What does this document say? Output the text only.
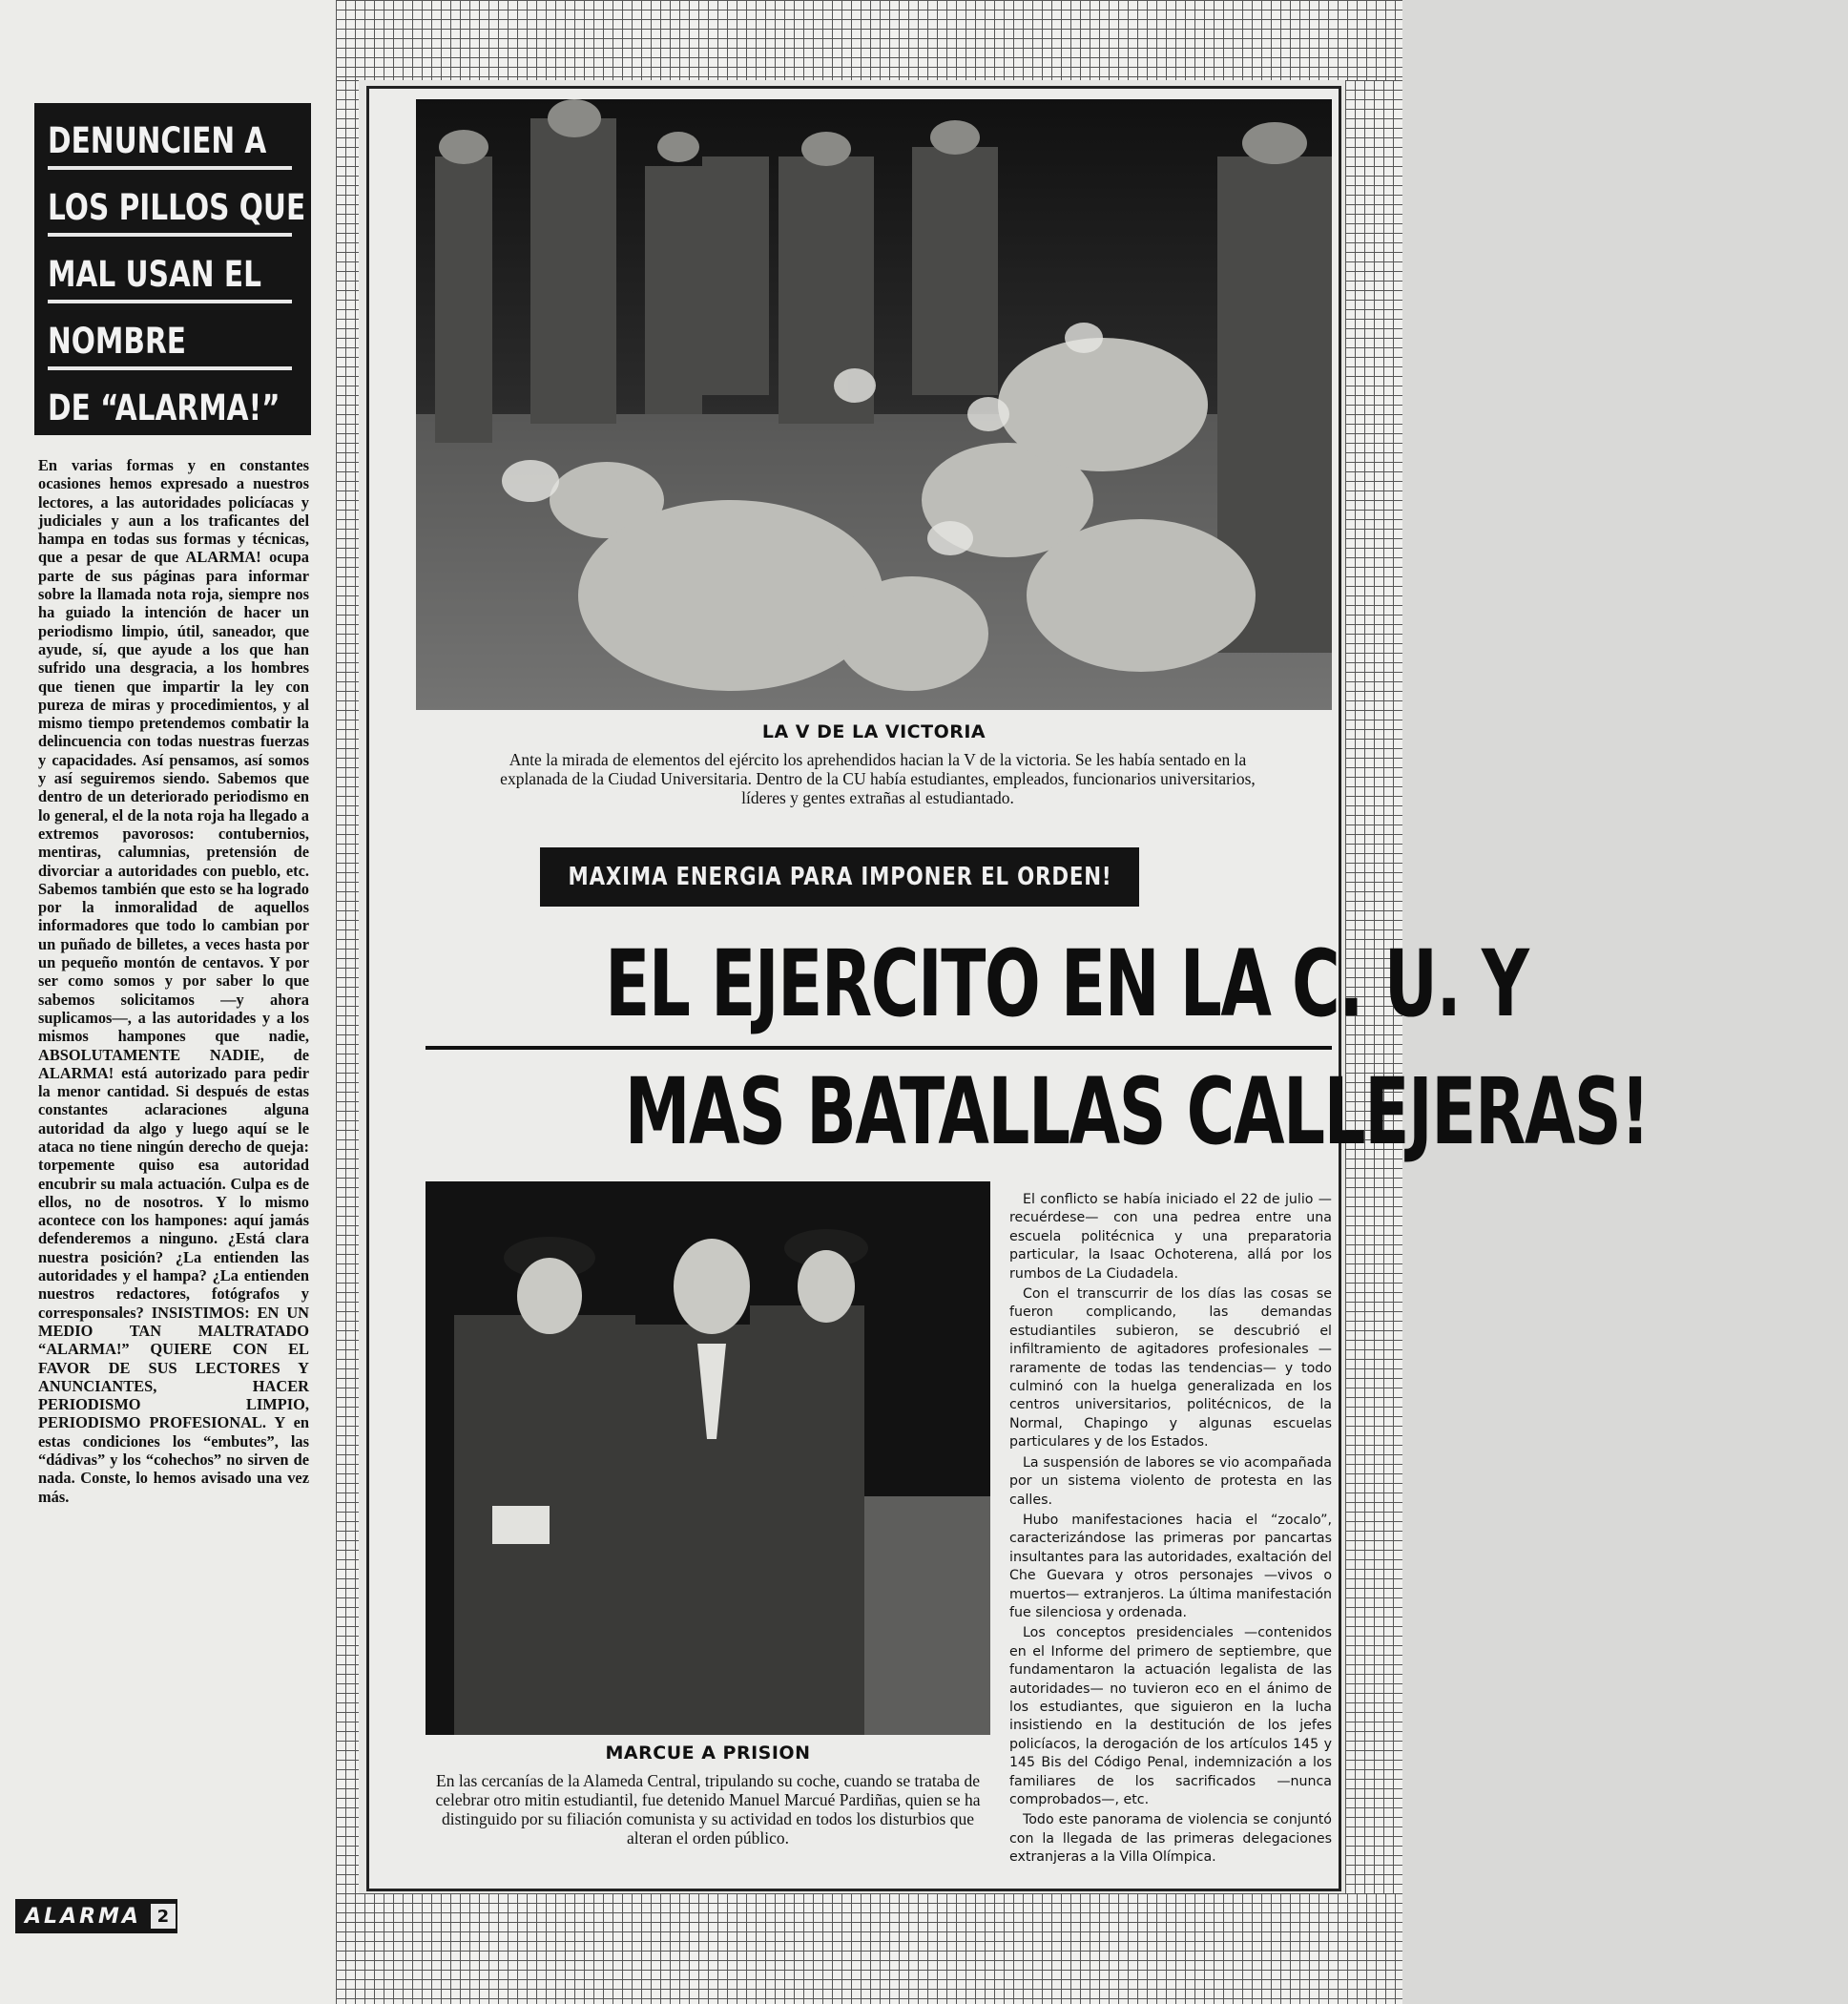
DENUNCIEN A
LOS PILLOS QUE
MAL USAN EL
NOMBRE
DE “ALARMA!”
En varias formas y en constantes ocasiones hemos expresado a nuestros lectores, a las autoridades policíacas y judiciales y aun a los traficantes del hampa en todas sus formas y técnicas, que a pesar de que ALARMA! ocupa parte de sus páginas para informar sobre la llamada nota roja, siempre nos ha guiado la intención de hacer un periodismo limpio, útil, saneador, que ayude, sí, que ayude a los que han sufrido una desgracia, a los hombres que tienen que impartir la ley con pureza de miras y procedimientos, y al mismo tiempo pretendemos combatir la delincuencia con todas nuestras fuerzas y capacidades. Así pensamos, así somos y así seguiremos siendo. Sabemos que dentro de un deteriorado periodismo en lo general, el de la nota roja ha llegado a extremos pavorosos: contubernios, mentiras, calumnias, pretensión de divorciar a autoridades con pueblo, etc. Sabemos también que esto se ha logrado por la inmoralidad de aquellos informadores que todo lo cambian por un puñado de billetes, a veces hasta por un pequeño montón de centavos. Y por ser como somos y por saber lo que sabemos solicitamos —y ahora suplicamos—, a las autoridades y a los mismos hampones que nadie, ABSOLUTAMENTE NADIE, de ALARMA! está autorizado para pedir la menor cantidad. Si después de estas constantes aclaraciones alguna autoridad da algo y luego aquí se le ataca no tiene ningún derecho de queja: torpemente quiso esa autoridad encubrir su mala actuación. Culpa es de ellos, no de nosotros. Y lo mismo acontece con los hampones: aquí jamás defenderemos a ninguno. ¿Está clara nuestra posición? ¿La entienden las autoridades y el hampa? ¿La entienden nuestros redactores, fotógrafos y corresponsales? INSISTIMOS: EN UN MEDIO TAN MALTRATADO “ALARMA!” QUIERE CON EL FAVOR DE SUS LECTORES Y ANUNCIANTES, HACER PERIODISMO LIMPIO, PERIODISMO PROFESIONAL. Y en estas condiciones los “embutes”, las “dádivas” y los “cohechos” no sirven de nada. Conste, lo hemos avisado una vez más.
ALARMA 2
LA V DE LA VICTORIA
Ante la mirada de elementos del ejército los aprehendidos hacian la V de la victoria. Se les había sentado en la explanada de la Ciudad Universitaria. Dentro de la CU había estudiantes, empleados, funcionarios universitarios, líderes y gentes extrañas al estudiantado.
MAXIMA ENERGIA PARA IMPONER EL ORDEN!
EL EJERCITO EN LA C. U. Y
MAS BATALLAS CALLEJERAS!
MARCUE A PRISION
En las cercanías de la Alameda Central, tripulando su coche, cuando se trataba de celebrar otro mitin estudiantil, fue detenido Manuel Marcué Pardiñas, quien se ha distinguido por su filiación comunista y su actividad en todos los disturbios que alteran el orden público.

El conflicto se había iniciado el 22 de julio —recuérdese— con una pedrea entre una escuela politécnica y una preparatoria particular, la Isaac Ochoterena, allá por los rumbos de La Ciudadela.

Con el transcurrir de los días las cosas se fueron complicando, las demandas estudiantiles subieron, se descubrió el infiltramiento de agitadores profesionales —raramente de todas las tendencias— y todo culminó con la huelga generalizada en los centros universitarios, politécnicos, de la Normal, Chapingo y algunas escuelas particulares y de los Estados.

La suspensión de labores se vio acompañada por un sistema violento de protesta en las calles.

Hubo manifestaciones hacia el “zocalo”, caracterizándose las primeras por pancartas insultantes para las autoridades, exaltación del Che Guevara y otros personajes —vivos o muertos— extranjeros. La última manifestación fue silenciosa y ordenada.

Los conceptos presidenciales —contenidos en el Informe del primero de septiembre, que fundamentaron la actuación legalista de las autoridades— no tuvieron eco en el ánimo de los estudiantes, que siguieron en la lucha insistiendo en la destitución de los jefes policíacos, la derogación de los artículos 145 y 145 Bis del Código Penal, indemnización a los familiares de los sacrificados —nunca comprobados—, etc.

Todo este panorama de violencia se conjuntó con la llegada de las primeras delegaciones extranjeras a la Villa Olímpica.
